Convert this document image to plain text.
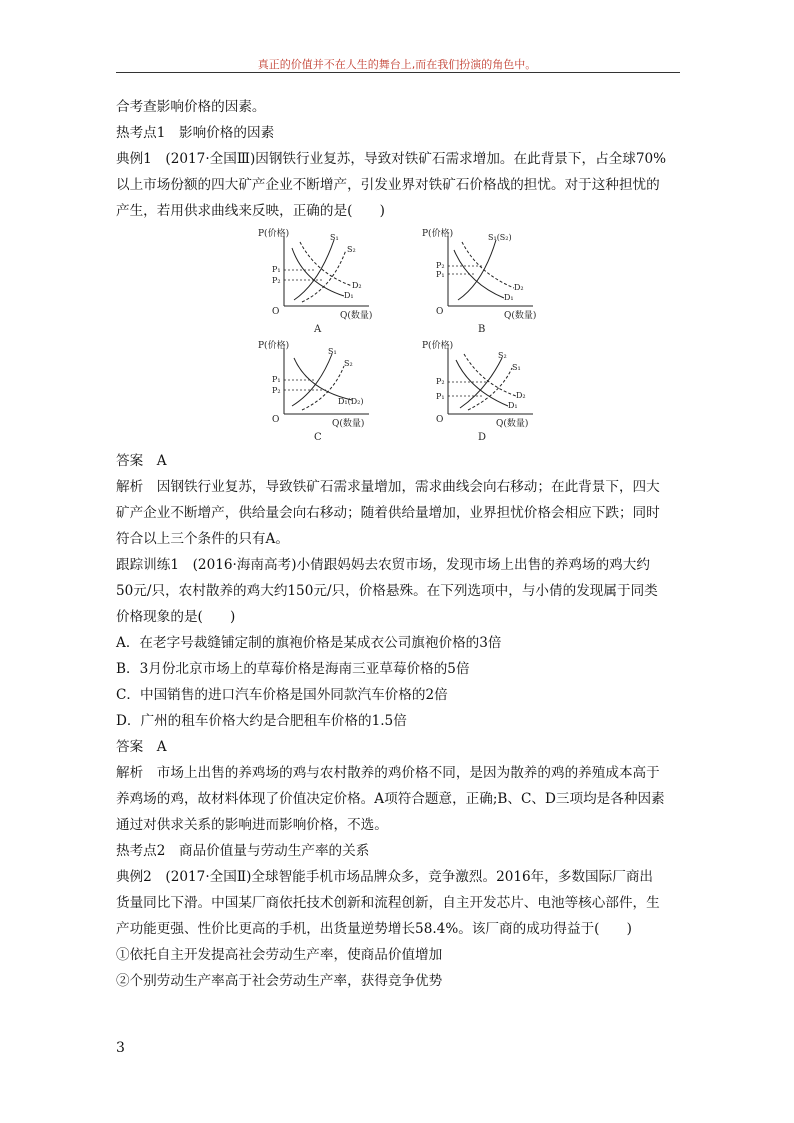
真正的价值并不在人生的舞台上,而在我们扮演的角色中。
合考查影响价格的因素。
热考点1　影响价格的因素
典例1　(2017·全国Ⅲ)因钢铁行业复苏，导致对铁矿石需求增加。在此背景下，占全球70%
以上市场份额的四大矿产企业不断增产，引发业界对铁矿石价格战的担忧。对于这种担忧的
产生，若用供求曲线来反映，正确的是(　　)
P(价格)
Q(数量)
O
S₁
S₂
D₂
D₁
P₁
P₂
A
P(价格)
Q(数量)
O
S₁(S₂)
D₂
D₁
P₂
P₁
B
P(价格)
Q(数量)
O
S₁
S₂
D₁(D₂)
P₁
P₂
C
P(价格)
Q(数量)
O
S₂
S₁
D₂
D₁
P₂
P₁
D
答案　A
解析　因钢铁行业复苏，导致铁矿石需求量增加，需求曲线会向右移动；在此背景下，四大
矿产企业不断增产，供给量会向右移动；随着供给量增加，业界担忧价格会相应下跌；同时
符合以上三个条件的只有A。
跟踪训练1　(2016·海南高考)小倩跟妈妈去农贸市场，发现市场上出售的养鸡场的鸡大约
50元/只，农村散养的鸡大约150元/只，价格悬殊。在下列选项中，与小倩的发现属于同类
价格现象的是(　　)
A．在老字号裁缝铺定制的旗袍价格是某成衣公司旗袍价格的3倍
B．3月份北京市场上的草莓价格是海南三亚草莓价格的5倍
C．中国销售的进口汽车价格是国外同款汽车价格的2倍
D．广州的租车价格大约是合肥租车价格的1.5倍
答案　A
解析　市场上出售的养鸡场的鸡与农村散养的鸡价格不同，是因为散养的鸡的养殖成本高于
养鸡场的鸡，故材料体现了价值决定价格。A项符合题意，正确;B、C、D三项均是各种因素
通过对供求关系的影响进而影响价格，不选。
热考点2　商品价值量与劳动生产率的关系
典例2　(2017·全国Ⅱ)全球智能手机市场品牌众多，竞争激烈。2016年，多数国际厂商出
货量同比下滑。中国某厂商依托技术创新和流程创新，自主开发芯片、电池等核心部件，生
产功能更强、性价比更高的手机，出货量逆势增长58.4%。该厂商的成功得益于(　　)
①依托自主开发提高社会劳动生产率，使商品价值增加
②个别劳动生产率高于社会劳动生产率，获得竞争优势
3
